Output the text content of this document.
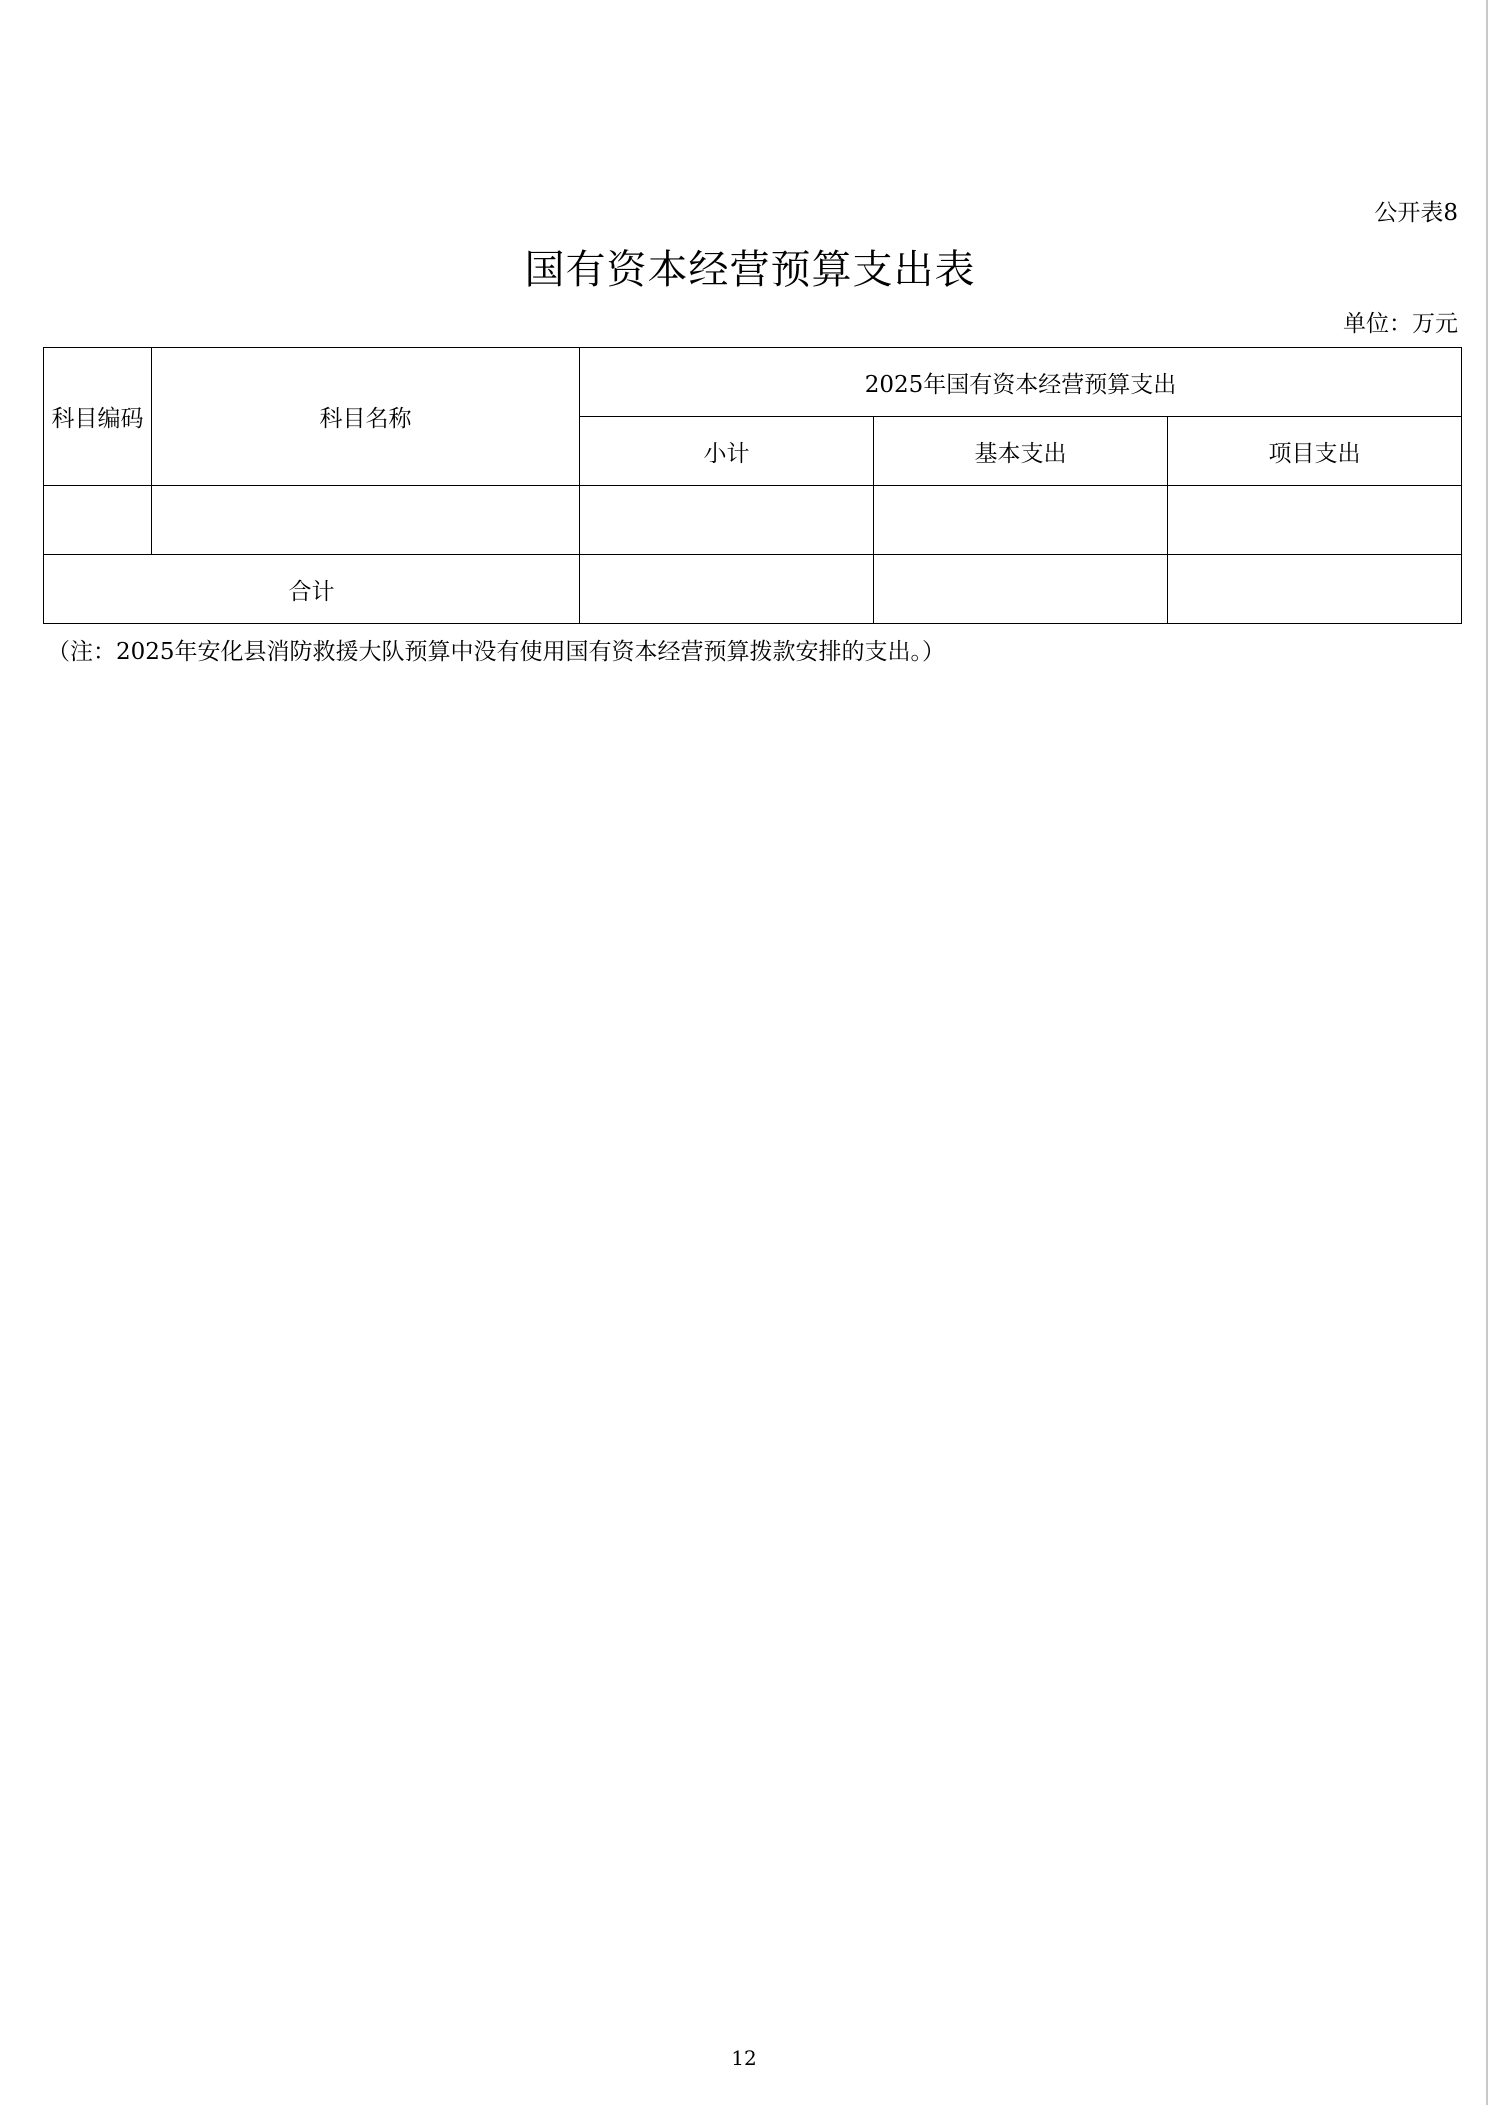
公开表8
国有资本经营预算支出表
单位：万元
科目编码	科目名称	2025年国有资本经营预算支出		
		小计	基本支出	项目支出

合计				
（注：2025年安化县消防救援大队预算中没有使用国有资本经营预算拨款安排的支出。）
12
